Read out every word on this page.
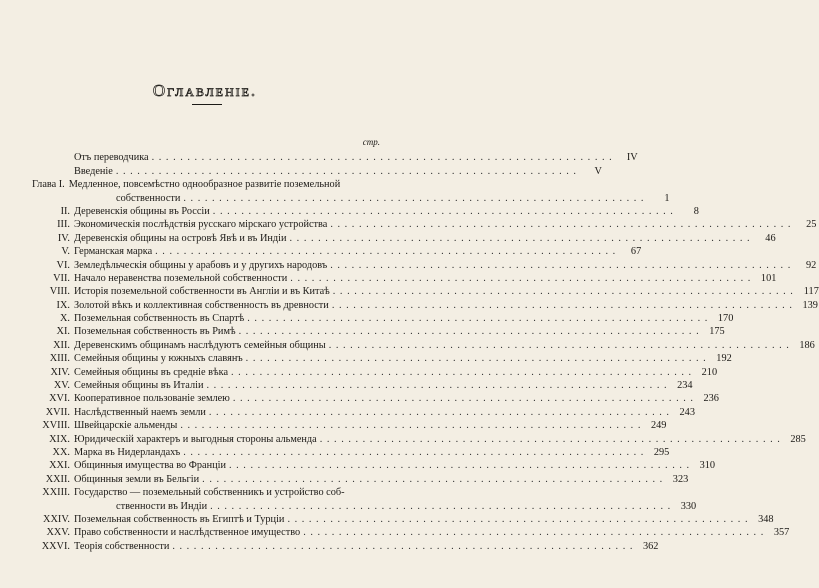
Оглавленіе.
стр.
Отъ переводчика . . .	IV
Введеніе . . .	V
Глава I. Медленное, повсемѣстно однообразное развитіе поземельной
собственности . . .	1
II. Деревенскія общины въ Россіи . . .	8
III. Экономическія послѣдствія русскаго мірскаго устройства . . .	25
IV. Деревенскія общины на островѣ Явѣ и въ Индіи . . .	46
V. Германская марка . . .	67
VI. Земледѣльческія общины у арабовъ и у другихъ народовъ . . .	92
VII. Начало неравенства поземельной собственности . . .	101
VIII. Исторія поземельной собственности въ Англіи и въ Китаѣ . . .	117
IX. Золотой вѣкъ и коллективная собственность въ древности . . .	139
X. Поземельная собственность въ Спартѣ . . .	170
XI. Поземельная собственность въ Римѣ . . .	175
XII. Деревенскимъ общинамъ наслѣдуютъ семейныя общины . . .	186
XIII. Семейныя общины у южныхъ славянъ . . .	192
XIV. Семейныя общины въ средніе вѣка . . .	210
XV. Семейныя общины въ Италіи . . .	234
XVI. Кооперативное пользованіе землею . . .	236
XVII. Наслѣдственный наемъ земли . . .	243
XVIII. Швейцарскіе альменды . . .	249
XIX. Юридическій характеръ и выгодныя стороны альменда . . .	285
XX. Марка въ Нидерландахъ . . .	295
XXI. Общинныя имущества во Франціи . . .	310
XXII. Общинныя земли въ Бельгіи . . .	323
XXIII. Государство — поземельный собственникъ и устройство соб-
ственности въ Индіи . . .	330
XXIV. Поземельная собственность въ Египтѣ и Турціи . . .	348
XXV. Право собственности и наслѣдственное имущество . . .	357
XXVI. Теорія собственности . . .	362
